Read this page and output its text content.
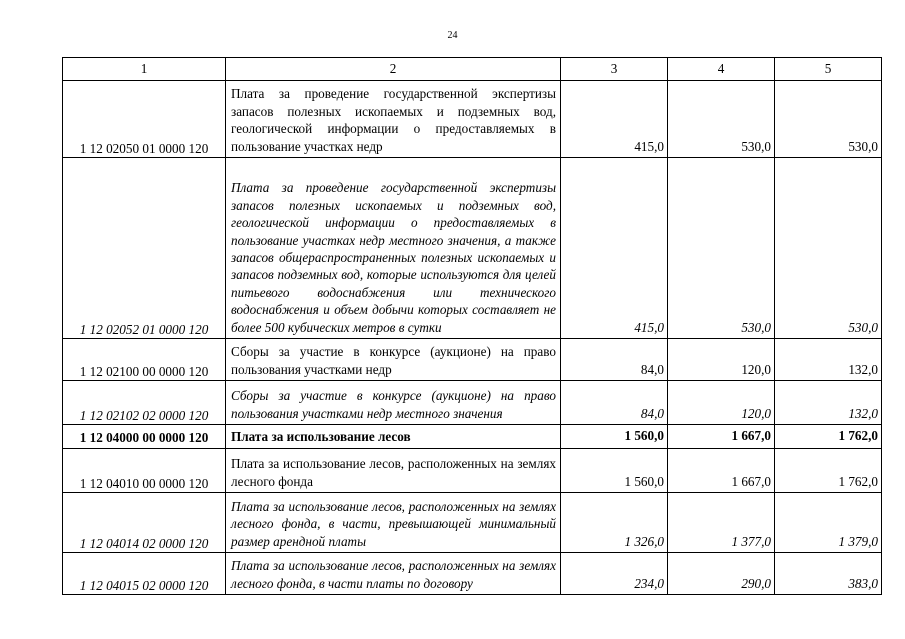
24
1	2	3	4	5
1 12 02050 01 0000 120	Плата за проведение государственной экспертизы запасов полезных ископаемых и подземных вод, геологической информации о предоставляемых в пользование участках недр	415,0	530,0	530,0
1 12 02052 01 0000 120	Плата за проведение государственной экспертизы запасов полезных ископаемых и подземных вод, геологической информации о предоставляемых в пользование участках недр местного значения, а также запасов общераспространенных полезных ископаемых и запасов подземных вод, которые используются для целей питьевого водоснабжения или технического водоснабжения и объем добычи которых составляет не более 500 кубических метров в сутки	415,0	530,0	530,0
1 12 02100 00 0000 120	Сборы за участие в конкурсе (аукционе) на право пользования участками недр	84,0	120,0	132,0
1 12 02102 02 0000 120	Сборы за участие в конкурсе (аукционе) на право пользования участками недр местного значения	84,0	120,0	132,0
1 12 04000 00 0000 120	Плата за использование лесов	1 560,0	1 667,0	1 762,0
1 12 04010 00 0000 120	Плата за использование лесов, расположенных на землях лесного фонда	1 560,0	1 667,0	1 762,0
1 12 04014 02 0000 120	Плата за использование лесов, расположенных на землях лесного фонда, в части, превышающей минимальный размер арендной платы	1 326,0	1 377,0	1 379,0
1 12 04015 02 0000 120	Плата за использование лесов, расположенных на землях лесного фонда, в части платы по договору	234,0	290,0	383,0
